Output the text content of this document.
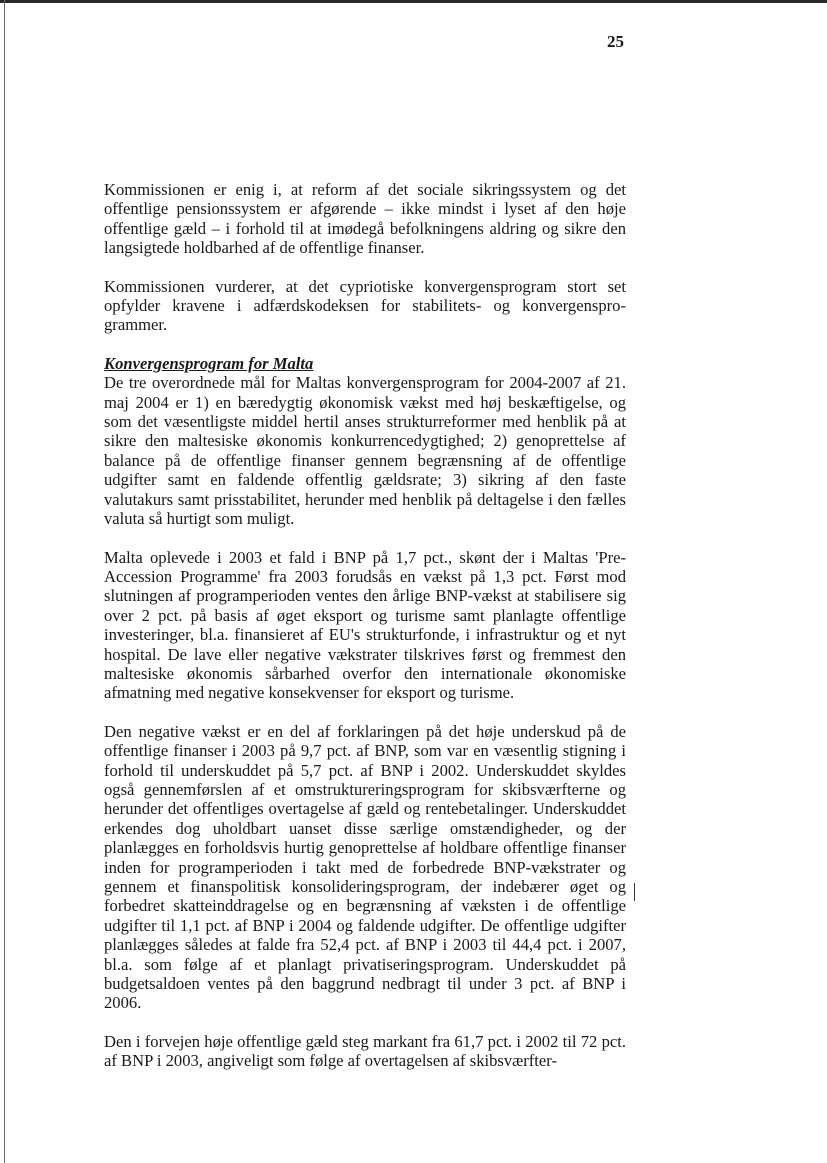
25

Kommissionen er enig i, at reform af det sociale sikringssystem og det offentlige pensionssystem er afgørende – ikke mindst i lyset af den høje offentlige gæld – i forhold til at imødegå befolkningens aldring og sikre den langsigtede holdbarhed af de offentlige finanser.

Kommissionen vurderer, at det cypriotiske konvergensprogram stort set opfylder kravene i adfærdskodeksen for stabilitets- og konvergensprogrammer.

Konvergensprogram for Malta

De tre overordnede mål for Maltas konvergensprogram for 2004-2007 af 21. maj 2004 er 1) en bæredygtig økonomisk vækst med høj beskæftigelse, og som det væsentligste middel hertil anses strukturreformer med henblik på at sikre den maltesiske økonomis konkurrencedygtighed; 2) genoprettelse af balance på de offentlige finanser gennem begrænsning af de offentlige udgifter samt en faldende offentlig gældsrate; 3) sikring af den faste valutakurs samt prisstabilitet, herunder med henblik på deltagelse i den fælles valuta så hurtigt som muligt.

Malta oplevede i 2003 et fald i BNP på 1,7 pct., skønt der i Maltas 'Pre-Accession Programme' fra 2003 forudsås en vækst på 1,3 pct. Først mod slutningen af programperioden ventes den årlige BNP-vækst at stabilisere sig over 2 pct. på basis af øget eksport og turisme samt planlagte offentlige investeringer, bl.a. finansieret af EU's strukturfonde, i infrastruktur og et nyt hospital. De lave eller negative vækstrater tilskrives først og fremmest den maltesiske økonomis sårbarhed overfor den internationale økonomiske afmatning med negative konsekvenser for eksport og turisme.

Den negative vækst er en del af forklaringen på det høje underskud på de offentlige finanser i 2003 på 9,7 pct. af BNP, som var en væsentlig stigning i forhold til underskuddet på 5,7 pct. af BNP i 2002. Underskuddet skyldes også gennemførslen af et omstruktureringsprogram for skibsværfterne og herunder det offentliges overtagelse af gæld og rentebetalinger. Underskuddet erkendes dog uholdbart uanset disse særlige omstændigheder, og der planlægges en forholdsvis hurtig genoprettelse af holdbare offentlige finanser inden for programperioden i takt med de forbedrede BNP-vækstrater og gennem et finanspolitisk konsolideringsprogram, der indebærer øget og forbedret skatteinddragelse og en begrænsning af væksten i de offentlige udgifter til 1,1 pct. af BNP i 2004 og faldende udgifter. De offentlige udgifter planlægges således at falde fra 52,4 pct. af BNP i 2003 til 44,4 pct. i 2007, bl.a. som følge af et planlagt privatiseringsprogram. Underskuddet på budgetsaldoen ventes på den baggrund nedbragt til under 3 pct. af BNP i 2006.

Den i forvejen høje offentlige gæld steg markant fra 61,7 pct. i 2002 til 72 pct. af BNP i 2003, angiveligt som følge af overtagelsen af skibsværfter-
